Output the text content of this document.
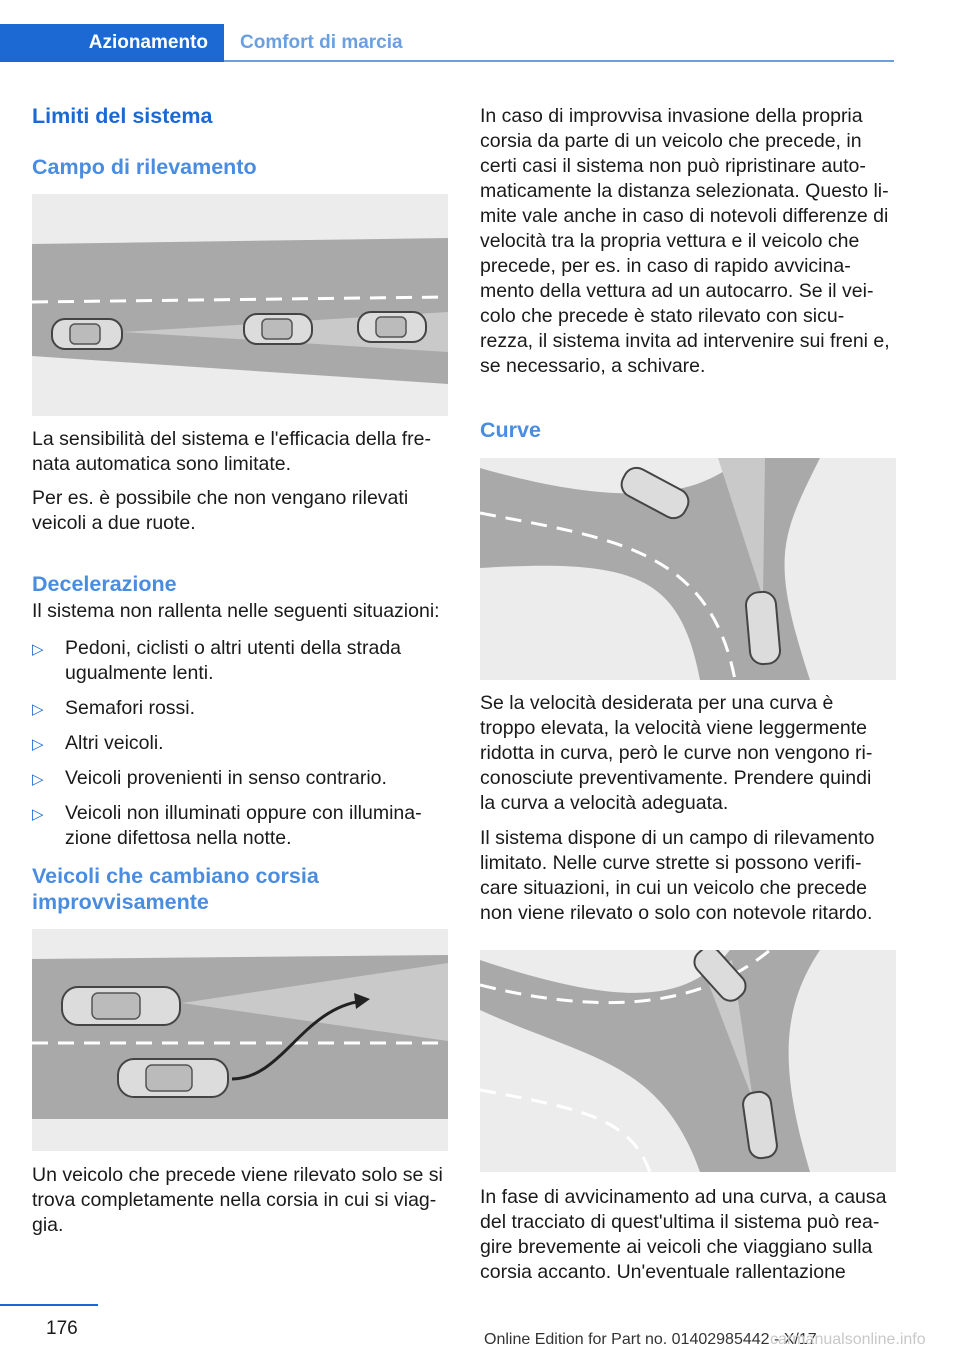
Azionamento Comfort di marcia
Limiti del sistema
Campo di rilevamento

La sensibilità del sistema e l'efficacia della fre-

nata automatica sono limitate.

Per es. è possibile che non vengano rilevati

veicoli a due ruote.

Decelerazione

Il sistema non rallenta nelle seguenti situazioni:

▷ Pedoni, ciclisti o altri utenti della strada
ugualmente lenti.
▷ Semafori rossi.
▷ Altri veicoli.
▷ Veicoli provenienti in senso contrario.
▷ Veicoli non illuminati oppure con illumina-
zione difettosa nella notte.
Veicoli che cambiano corsia
improvvisamente

Un veicolo che precede viene rilevato solo se si

trova completamente nella corsia in cui si viag-

gia.

In caso di improvvisa invasione della propria
corsia da parte di un veicolo che precede, in
certi casi il sistema non può ripristinare auto-
maticamente la distanza selezionata. Questo li-
mite vale anche in caso di notevoli differenze di
velocità tra la propria vettura e il veicolo che
precede, per es. in caso di rapido avvicina-
mento della vettura ad un autocarro. Se il vei-
colo che precede è stato rilevato con sicu-
rezza, il sistema invita ad intervenire sui freni e,
se necessario, a schivare.
Curve
Se la velocità desiderata per una curva è
troppo elevata, la velocità viene leggermente
ridotta in curva, però le curve non vengono ri-
conosciute preventivamente. Prendere quindi
la curva a velocità adeguata.
Il sistema dispone di un campo di rilevamento
limitato. Nelle curve strette si possono verifi-
care situazioni, in cui un veicolo che precede
non viene rilevato o solo con notevole ritardo.
In fase di avvicinamento ad una curva, a causa
del tracciato di quest'ultima il sistema può rea-
gire brevemente ai veicoli che viaggiano sulla
corsia accanto. Un'eventuale rallentazione
176
Online Edition for Part no. 01402985442 - X/17
carmanualsonline.info
